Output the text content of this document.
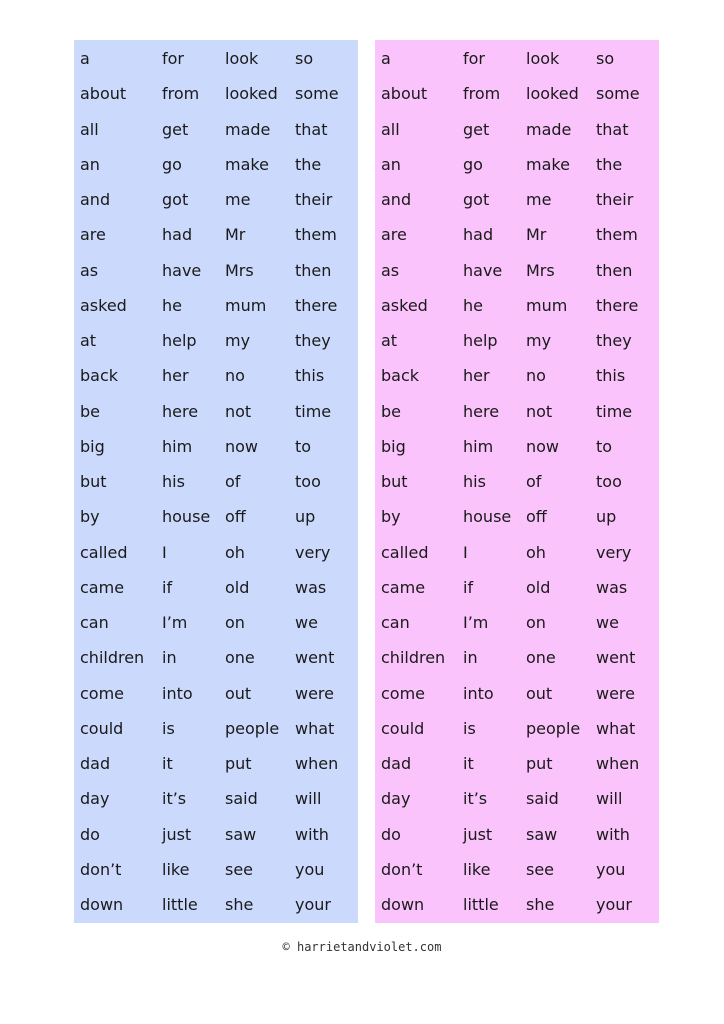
a
about
all
an
and
are
as
asked
at
back
be
big
but
by
called
came
can
children
come
could
dad
day
do
don’t
down
for
from
get
go
got
had
have
he
help
her
here
him
his
house
I
if
I’m
in
into
is
it
it’s
just
like
little
look
looked
made
make
me
Mr
Mrs
mum
my
no
not
now
of
off
oh
old
on
one
out
people
put
said
saw
see
she
so
some
that
the
their
them
then
there
they
this
time
to
too
up
very
was
we
went
were
what
when
will
with
you
your
a
about
all
an
and
are
as
asked
at
back
be
big
but
by
called
came
can
children
come
could
dad
day
do
don’t
down
for
from
get
go
got
had
have
he
help
her
here
him
his
house
I
if
I’m
in
into
is
it
it’s
just
like
little
look
looked
made
make
me
Mr
Mrs
mum
my
no
not
now
of
off
oh
old
on
one
out
people
put
said
saw
see
she
so
some
that
the
their
them
then
there
they
this
time
to
too
up
very
was
we
went
were
what
when
will
with
you
your
© harrietandviolet.com
